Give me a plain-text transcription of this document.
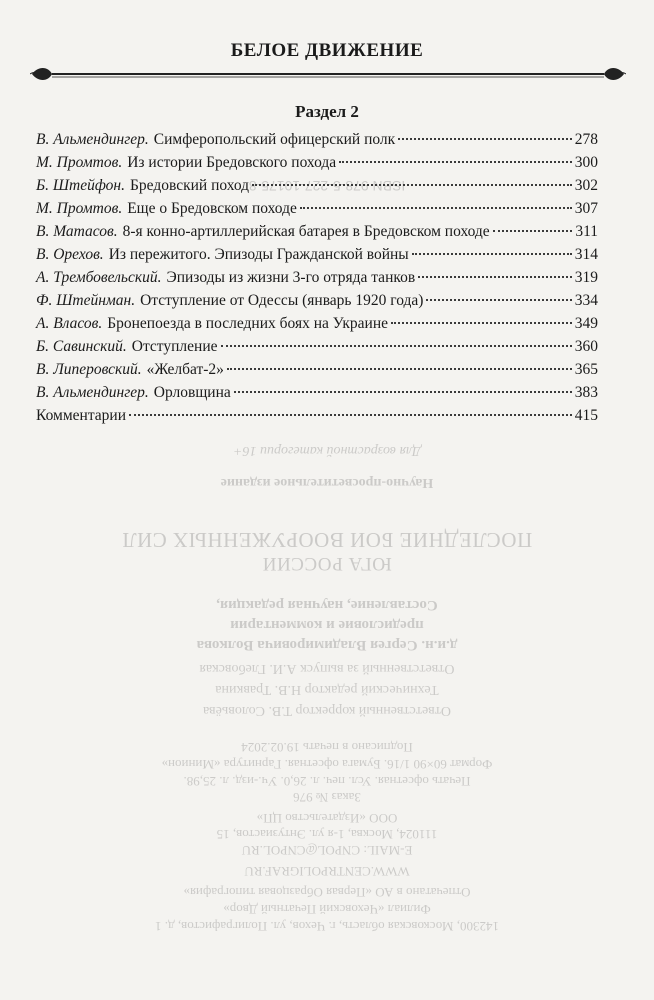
ISBN 978-5-227-10175-8
Для возрастной категории 16+
Научно-просветительное издание
ПОСЛЕДНИЕ БОИ ВООРУЖЕННЫХ СИЛ
ЮГА РОССИИ
Составление, научная редакция,
предисловие и комментарии
д.и.н. Сергея Владимировича Волкова
Ответственный за выпуск А.И. Глебовская
Технический редактор Н.В. Травкина
Ответственный корректор Т.В. Соловьёва
Подписано в печать 19.02.2024
Формат 60×90 1/16. Бумага офсетная. Гарнитура «Минион»
Печать офсетная. Усл. печ. л. 26,0. Уч.-изд. л. 25,98.
Заказ № 976
ООО «Издательство ЦП»
111024, Москва, 1-я ул. Энтузиастов, 15
E-MAIL: CNPOL@CNPOL.RU
WWW.CENTRPOLIGRAF.RU
Отпечатано в АО «Первая Образцовая типография»
Филиал «Чеховский Печатный Двор»
142300, Московская область, г. Чехов, ул. Полиграфистов, д. 1
БЕЛОЕ ДВИЖЕНИЕ
Раздел 2
В. Альмендингер. Симферопольский офицерский полк	278
М. Промтов. Из истории Бредовского похода	300
Б. Штейфон. Бредовский поход	302
М. Промтов. Еще о Бредовском походе	307
В. Матасов. 8-я конно-артиллерийская батарея в Бредовском походе	311
В. Орехов. Из пережитого. Эпизоды Гражданской войны	314
А. Трембовельский. Эпизоды из жизни 3-го отряда танков	319
Ф. Штейнман. Отступление от Одессы (январь 1920 года)	334
А. Власов. Бронепоезда в последних боях на Украине	349
Б. Савинский. Отступление	360
В. Липеровский. «Желбат-2»	365
В. Альмендингер. Орловщина	383
Комментарии	415
